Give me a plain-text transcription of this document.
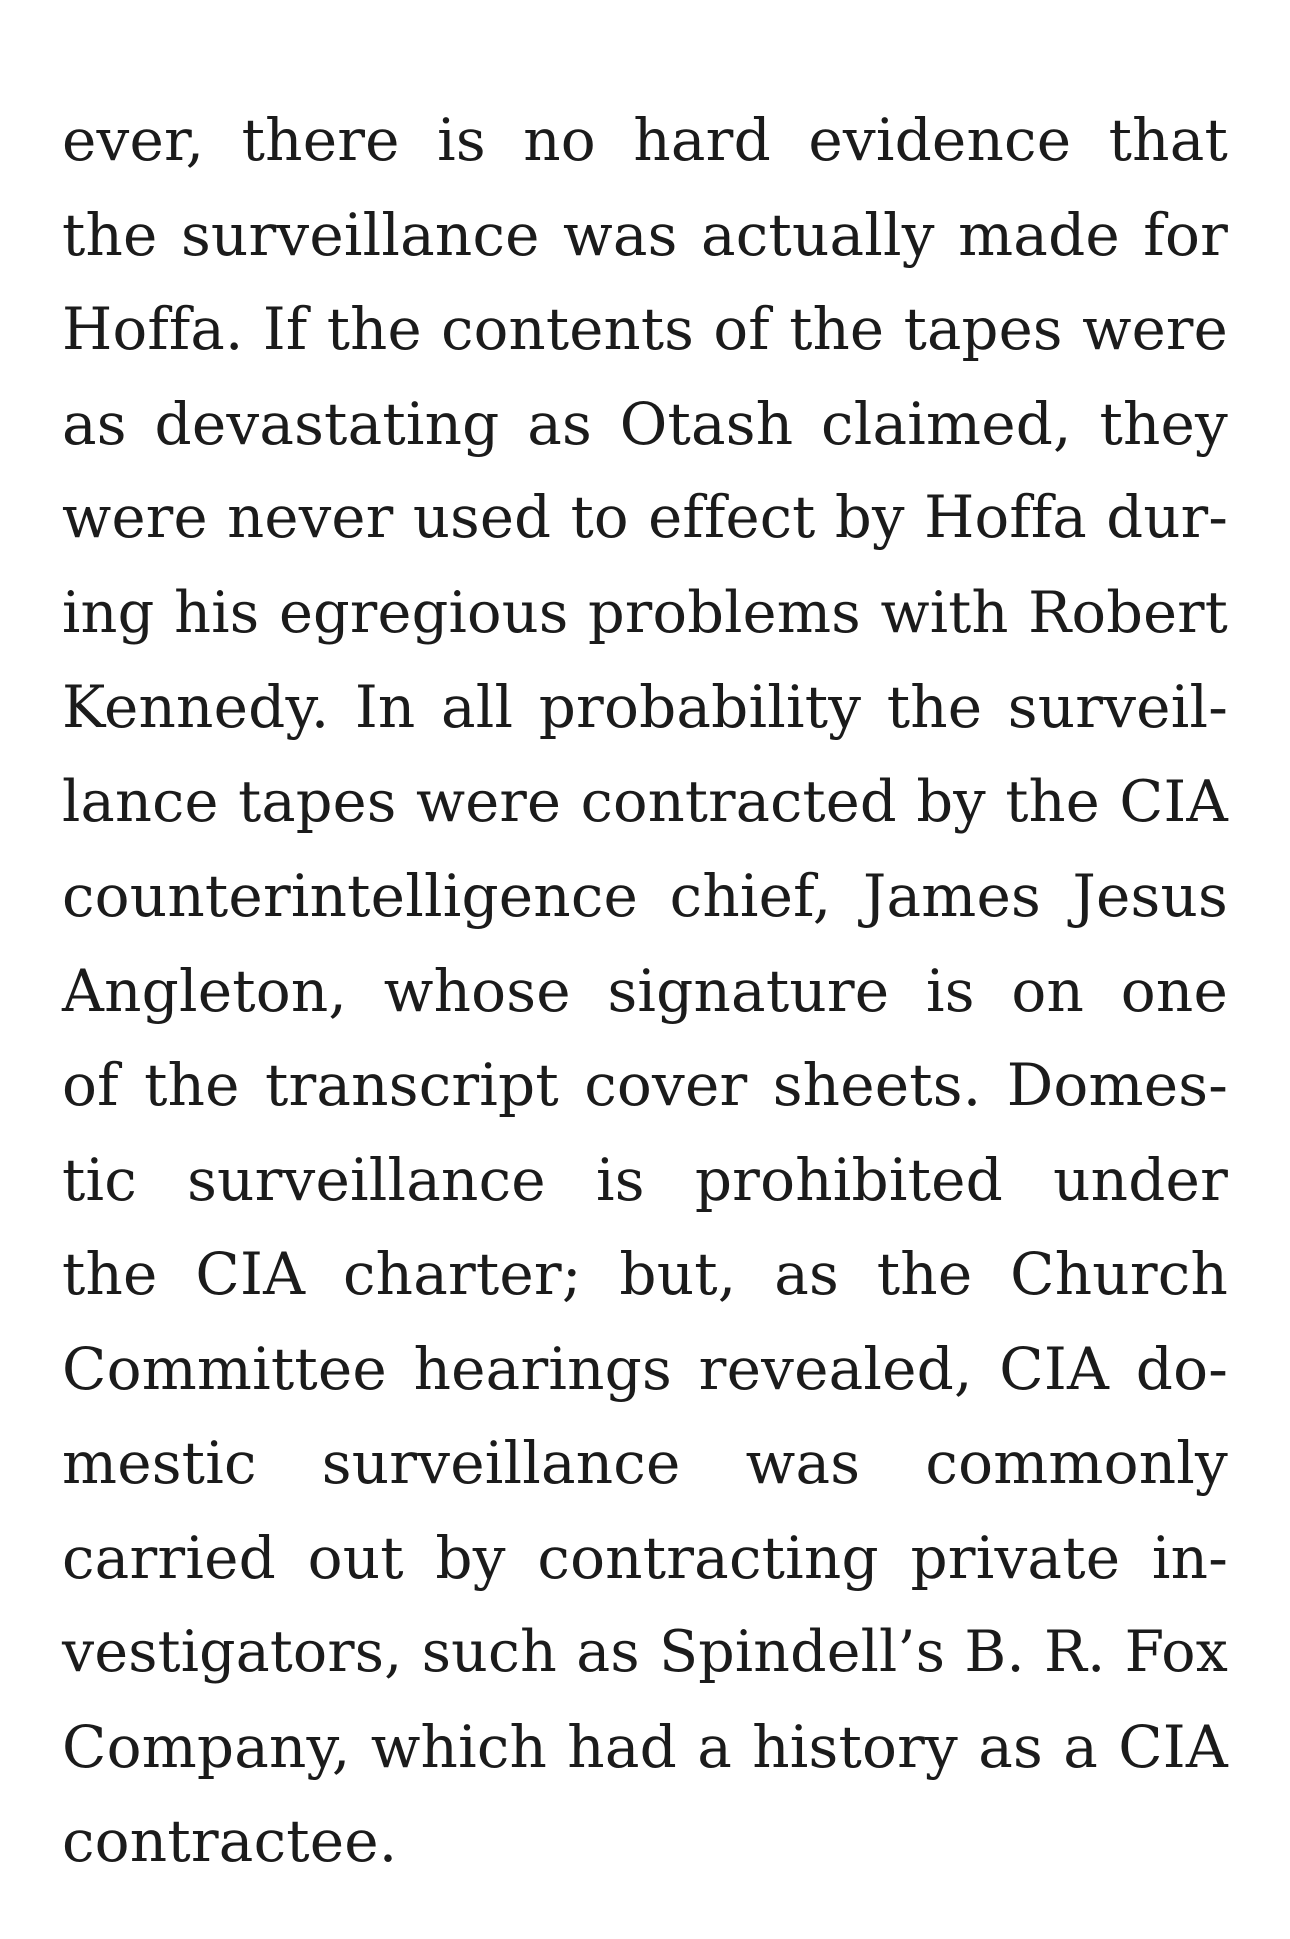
ever, there is no hard evidence that
the surveillance was actually made for
Hoffa. If the contents of the tapes were
as devastating as Otash claimed, they
were never used to effect by Hoffa dur-
ing his egregious problems with Robert
Kennedy. In all probability the surveil-
lance tapes were contracted by the CIA
counterintelligence chief, James Jesus
Angleton, whose signature is on one
of the transcript cover sheets. Domes-
tic surveillance is prohibited under
the CIA charter; but, as the Church
Committee hearings revealed, CIA do-
mestic surveillance was commonly
carried out by contracting private in-
vestigators, such as Spindell’s B. R. Fox
Company, which had a history as a CIA
contractee.
